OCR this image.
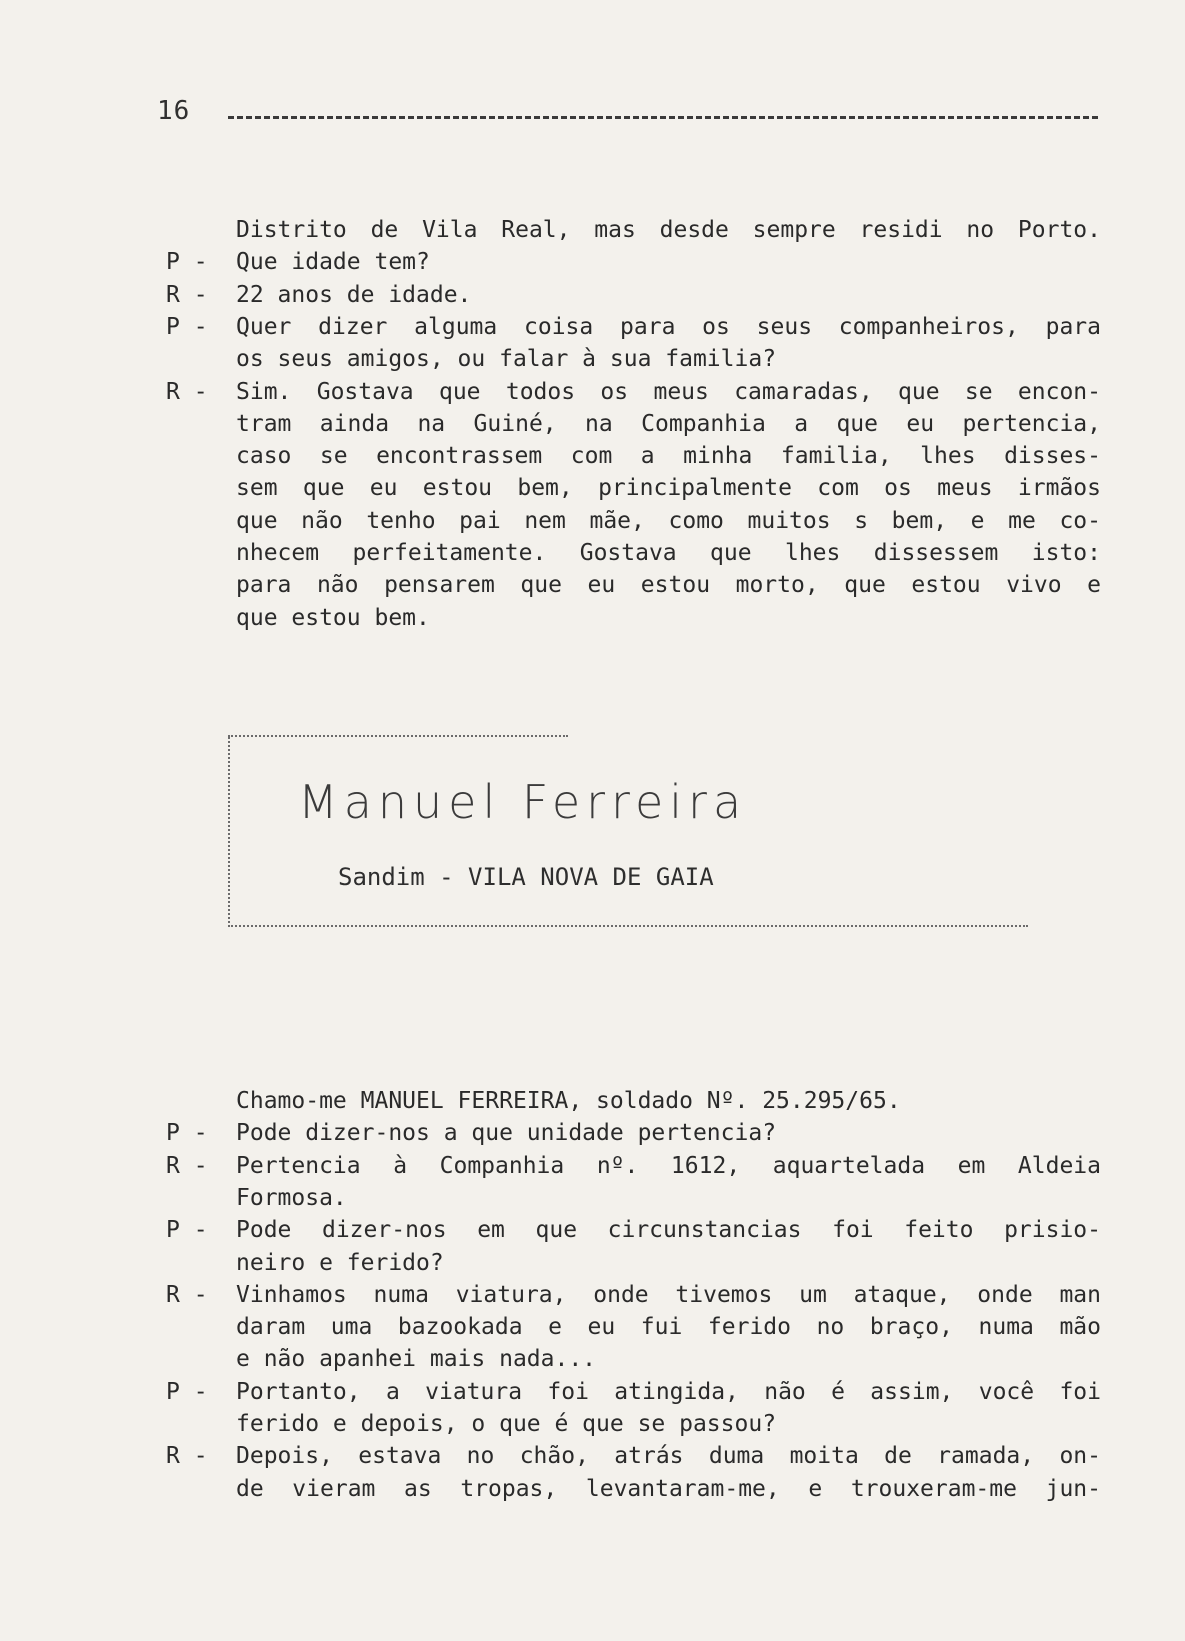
16
Distrito de Vila Real, mas desde sempre residi no Porto.
P -	Que idade tem?
R -	22 anos de idade.
P -	Quer dizer alguma coisa para os seus companheiros, para
os seus amigos, ou falar à sua familia?
R -	Sim. Gostava que todos os meus camaradas, que se encon-
tram ainda na Guiné, na Companhia a que eu pertencia,
caso se encontrassem com a minha familia, lhes disses-
sem que eu estou bem, principalmente com os meus irmãos
que não tenho pai nem mãe, como muitos s bem, e me co-
nhecem perfeitamente. Gostava que lhes dissessem isto:
para não pensarem que eu estou morto, que estou vivo e
que estou bem.
Manuel Ferreira
Sandim - VILA NOVA DE GAIA
Chamo-me MANUEL FERREIRA, soldado Nº. 25.295/65.
P -	Pode dizer-nos a que unidade pertencia?
R -	Pertencia à Companhia nº. 1612, aquartelada em Aldeia
Formosa.
P -	Pode dizer-nos em que circunstancias foi feito prisio-
neiro e ferido?
R -	Vinhamos numa viatura, onde tivemos um ataque, onde man
daram uma bazookada e eu fui ferido no braço, numa mão
e não apanhei mais nada...
P -	Portanto, a viatura foi atingida, não é assim, você foi
ferido e depois, o que é que se passou?
R -	Depois, estava no chão, atrás duma moita de ramada, on-
de vieram as tropas, levantaram-me, e trouxeram-me jun-
